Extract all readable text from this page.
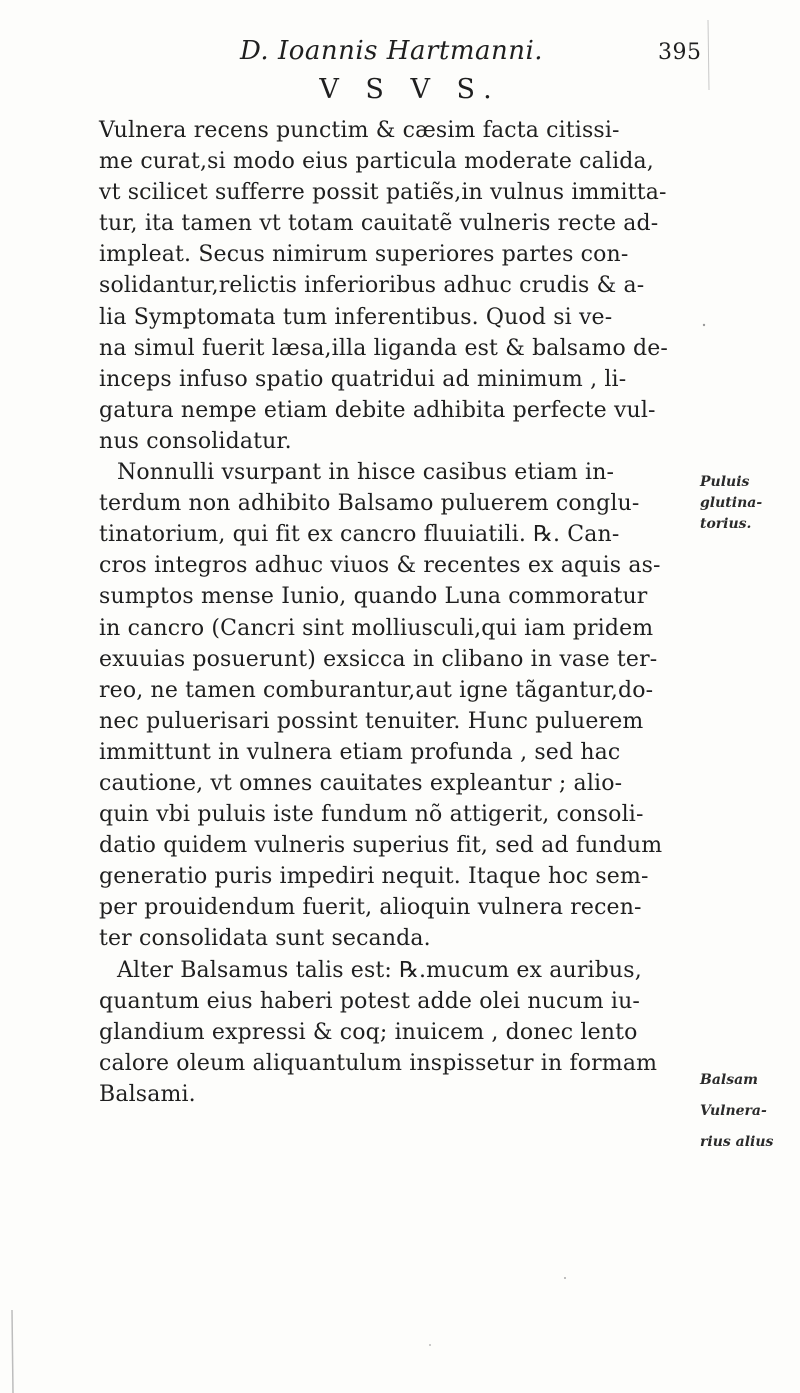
D. Ioannis Hartmanni.	395
V S V S.
Vulnera recens punctim & cæsim facta citissi-
me curat,si modo eius particula moderate calida,
vt scilicet sufferre possit patiẽs,in vulnus immitta-
tur, ita tamen vt totam cauitatẽ vulneris recte ad-
impleat. Secus nimirum superiores partes con-
solidantur,relictis inferioribus adhuc crudis & a-
lia Symptomata tum inferentibus. Quod si ve-
na simul fuerit læsa,illa liganda est & balsamo de-
inceps infuso spatio quatridui ad minimum , li-
gatura nempe etiam debite adhibita perfecte vul-
nus consolidatur.
Nonnulli vsurpant in hisce casibus etiam in-
terdum non adhibito Balsamo puluerem conglu-
tinatorium, qui fit ex cancro fluuiatili. ℞. Can-
cros integros adhuc viuos & recentes ex aquis as-
sumptos mense Iunio, quando Luna commoratur
in cancro (Cancri sint molliusculi,qui iam pridem
exuuias posuerunt) exsicca in clibano in vase ter-
reo, ne tamen comburantur,aut igne tãgantur,do-
nec puluerisari possint tenuiter. Hunc puluerem
immittunt in vulnera etiam profunda , sed hac
cautione, vt omnes cauitates expleantur ; alio-
quin vbi puluis iste fundum nõ attigerit, consoli-
datio quidem vulneris superius fit, sed ad fundum
generatio puris impediri nequit. Itaque hoc sem-
per prouidendum fuerit, alioquin vulnera recen-
ter consolidata sunt secanda.
Alter Balsamus talis est: ℞.mucum ex auribus,
quantum eius haberi potest adde olei nucum iu-
glandium expressi & coq; inuicem , donec lento
calore oleum aliquantulum inspissetur in formam
Balsami.
Puluis
glutina-
torius.
Balsam
Vulnera-
rius alius
